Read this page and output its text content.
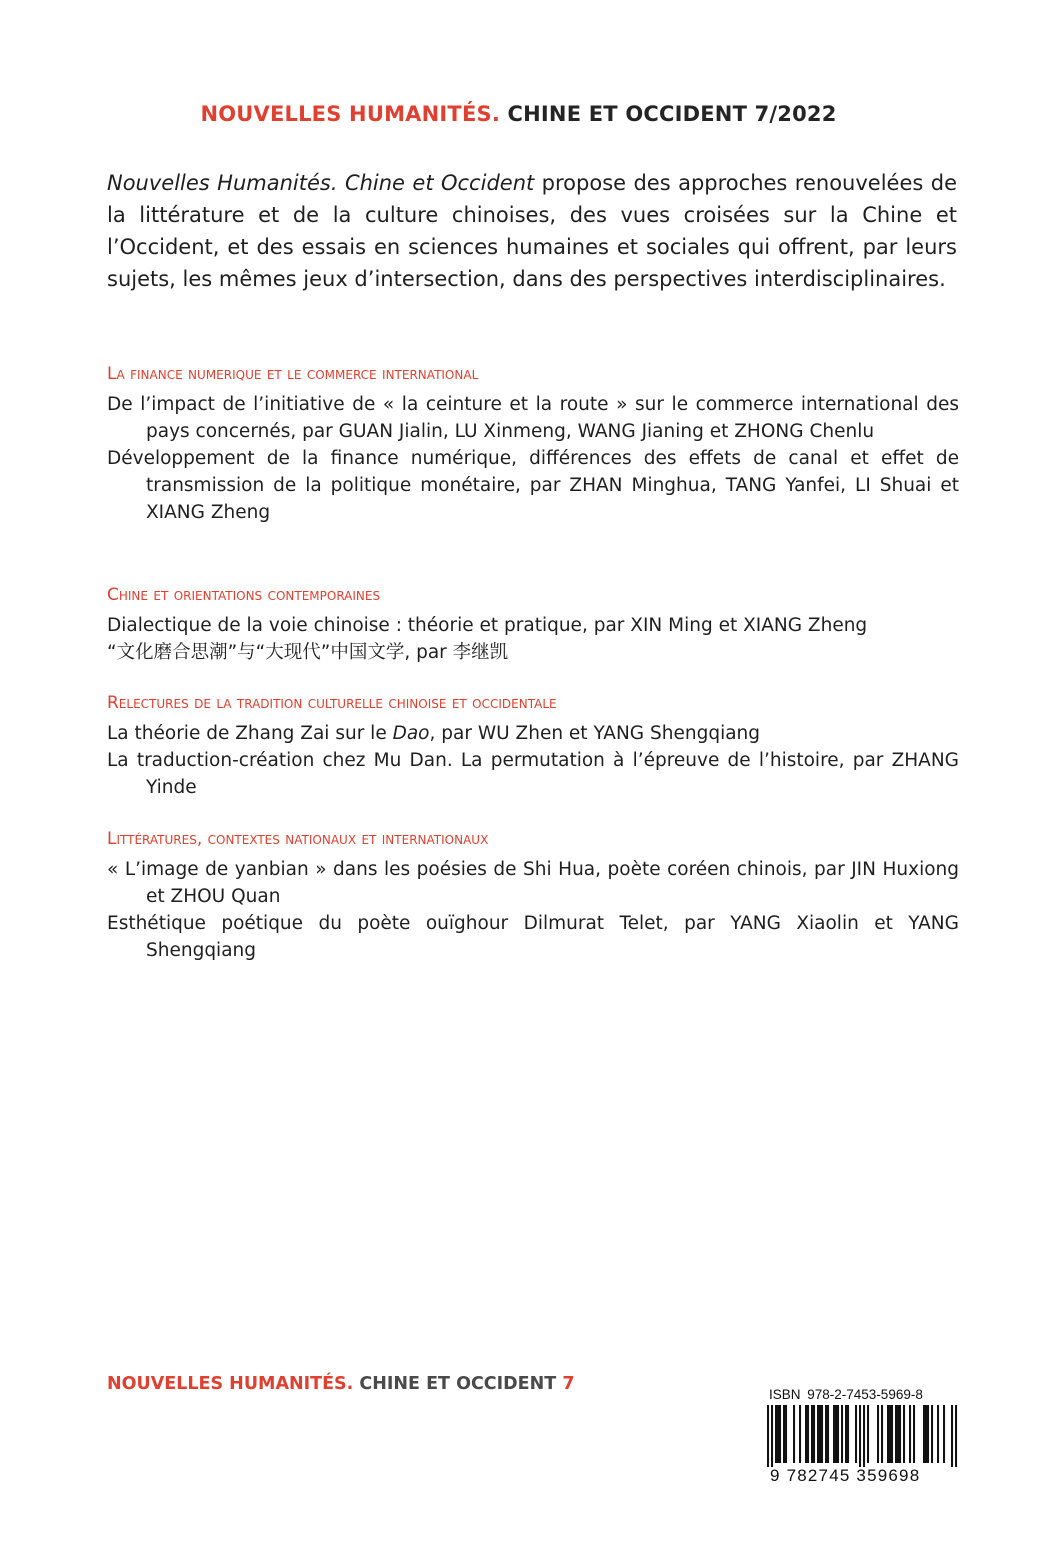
NOUVELLES HUMANITÉS. CHINE ET OCCIDENT 7/2022
Nouvelles Humanités. Chine et Occident propose des approches renouvelées de la littérature et de la culture chinoises, des vues croisées sur la Chine et l’Occident, et des essais en sciences humaines et sociales qui offrent, par leurs sujets, les mêmes jeux d’intersection, dans des perspectives interdisciplinaires.
La finance numerique et le commerce international
De l’impact de l’initiative de « la ceinture et la route » sur le commerce international des pays concernés, par GUAN Jialin, LU Xinmeng, WANG Jianing et ZHONG Chenlu
Développement de la finance numérique, différences des effets de canal et effet de transmission de la politique monétaire, par ZHAN Minghua, TANG Yanfei, LI Shuai et XIANG Zheng
Chine et orientations contemporaines
Dialectique de la voie chinoise : théorie et pratique, par XIN Ming et XIANG Zheng
“文化磨合思潮”与“大现代”中国文学, par 李继凯
Relectures de la tradition culturelle chinoise et occidentale
La théorie de Zhang Zai sur le Dao, par WU Zhen et YANG Shengqiang
La traduction-création chez Mu Dan. La permutation à l’épreuve de l’histoire, par ZHANG Yinde
Littératures, contextes nationaux et internationaux
« L’image de yanbian » dans les poésies de Shi Hua, poète coréen chinois, par JIN Huxiong et ZHOU Quan
Esthétique poétique du poète ouïghour Dilmurat Telet, par YANG Xiaolin et YANG Shengqiang
NOUVELLES HUMANITÉS. CHINE ET OCCIDENT 7
ISBN 978-2-7453-5969-8
9 782745 359698
